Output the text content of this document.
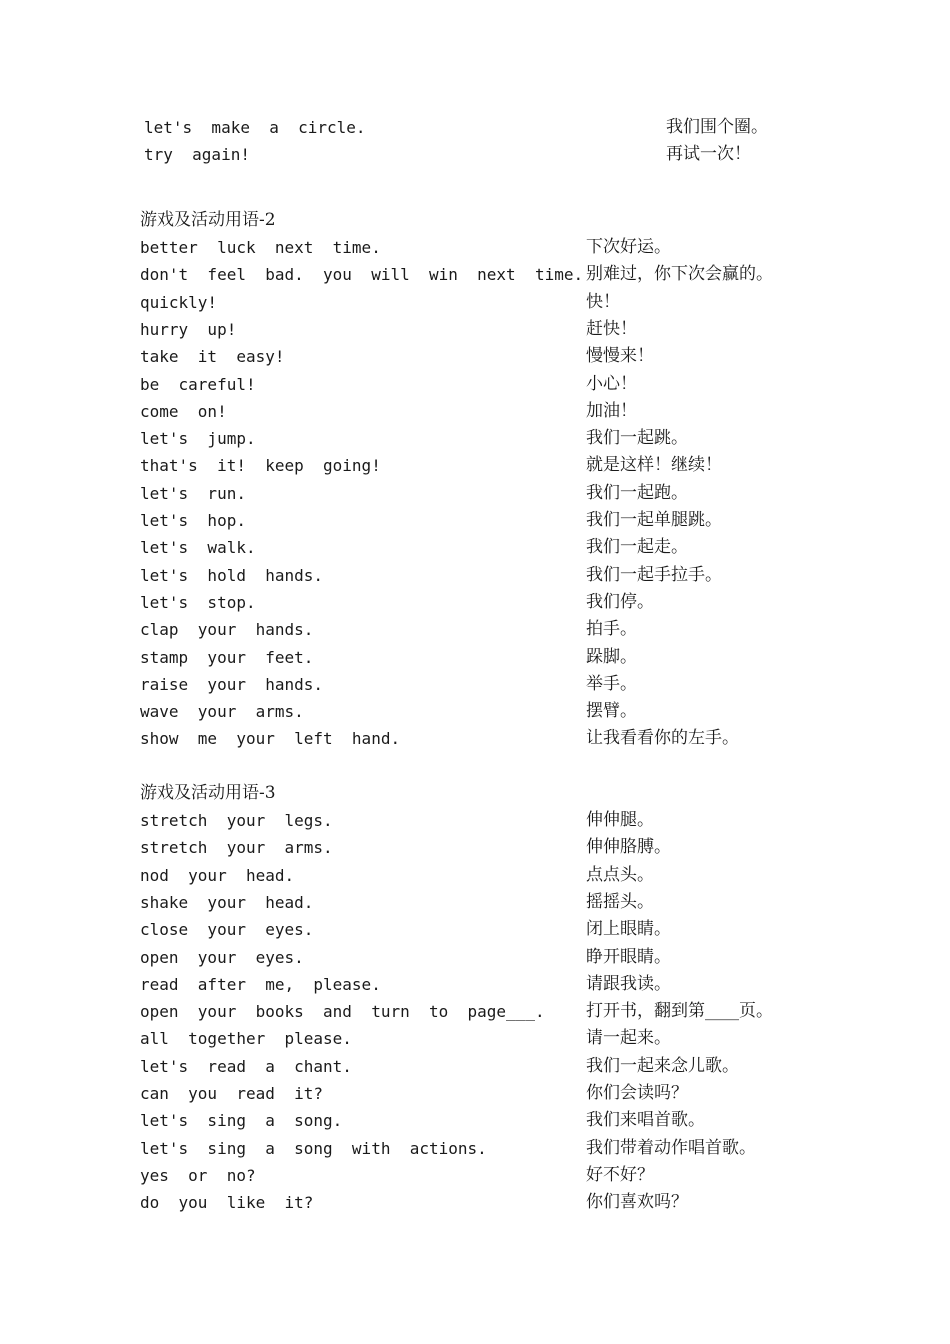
let's  make  a  circle.	我们围个圈。
try  again!	再试一次！
游戏及活动用语-2
better  luck  next  time.	下次好运。
don't  feel  bad.  you  will  win  next  time. 别难过，你下次会赢的。
quickly!	快！
hurry  up!	赶快！
take  it  easy!	慢慢来！
be  careful!	小心！
come  on!	加油！
let's  jump.	我们一起跳。
that's  it!  keep  going!	就是这样！继续！
let's  run.	我们一起跑。
let's  hop.	我们一起单腿跳。
let's  walk.	我们一起走。
let's  hold  hands.	我们一起手拉手。
let's  stop.	我们停。
clap  your  hands.	拍手。
stamp  your  feet.	跺脚。
raise  your  hands.	举手。
wave  your  arms.	摆臂。
show  me  your  left  hand.	让我看看你的左手。
游戏及活动用语-3
stretch  your  legs.	伸伸腿。
stretch  your  arms.	伸伸胳膊。
nod  your  head.	点点头。
shake  your  head.	摇摇头。
close  your  eyes.	闭上眼睛。
open  your  eyes.	睁开眼睛。
read  after  me,  please.	请跟我读。
open  your  books  and  turn  to  page___. 打开书，翻到第____页。
all  together  please.	请一起来。
let's  read  a  chant.	我们一起来念儿歌。
can  you  read  it?	你们会读吗？
let's  sing  a  song.	我们来唱首歌。
let's  sing  a  song  with  actions.	我们带着动作唱首歌。
yes  or  no?	好不好？
do  you  like  it?	你们喜欢吗？
